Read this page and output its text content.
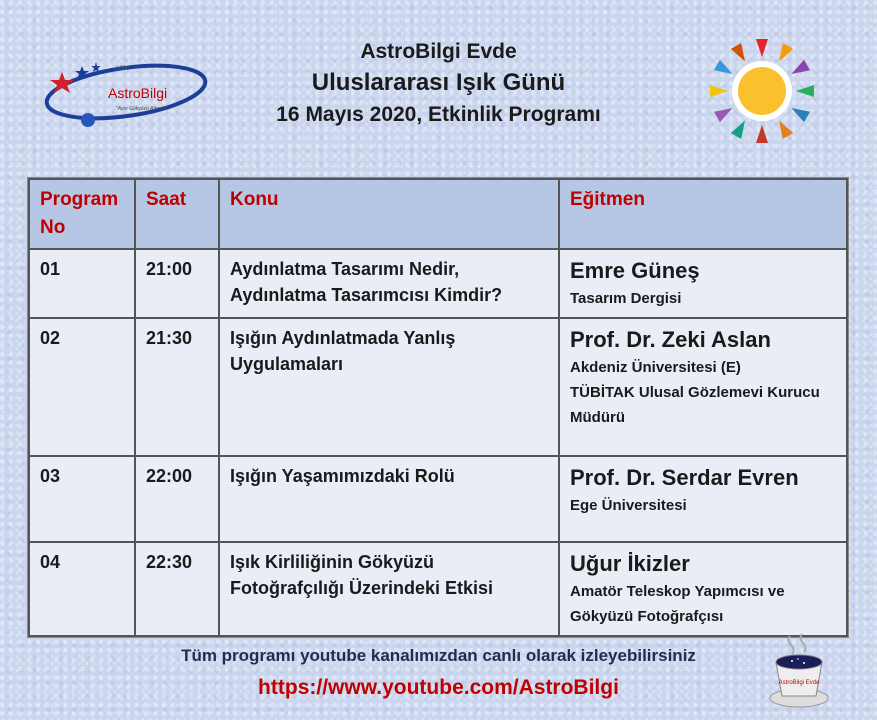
2006
AstroBilgi
"Aynı Gökyüzü Altında"
AstroBilgi Evde
Uluslararası Işık Günü
16 Mayıs 2020, Etkinlik Programı
Program No	Saat	Konu	Eğitmen
01	21:00	Aydınlatma Tasarımı Nedir, Aydınlatma Tasarımcısı Kimdir?	Emre Güneş
Tasarım Dergisi

02	21:30	Işığın Aydınlatmada Yanlış Uygulamaları	Prof. Dr. Zeki Aslan
Akdeniz Üniversitesi (E)
TÜBİTAK Ulusal Gözlemevi Kurucu Müdürü

03	22:00	Işığın Yaşamımızdaki Rolü	Prof. Dr. Serdar Evren
Ege Üniversitesi

04	22:30	Işık Kirliliğinin Gökyüzü Fotoğrafçılığı Üzerindeki Etkisi	Uğur İkizler
Amatör Teleskop Yapımcısı ve Gökyüzü Fotoğrafçısı
Tüm programı youtube kanalımızdan canlı olarak izleyebilirsiniz
https://www.youtube.com/AstroBilgi	AstroBilgi Evde
